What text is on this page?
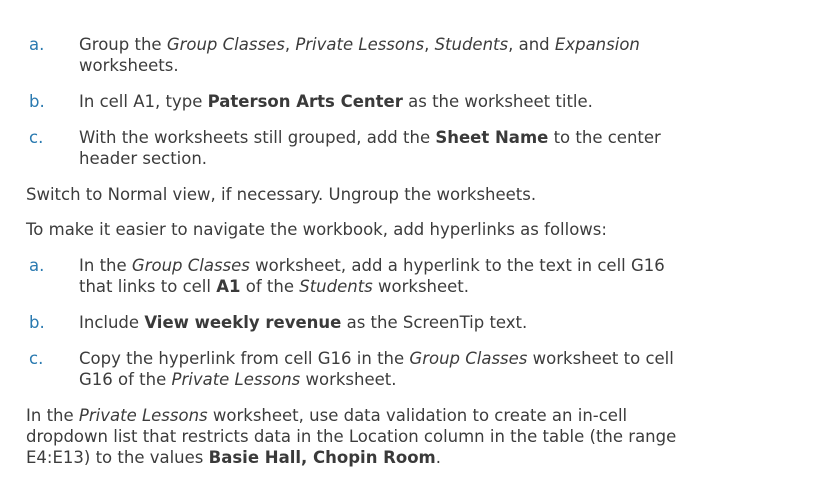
a. Group the Group Classes, Private Lessons, Students, and Expansion
worksheets.
b. In cell A1, type Paterson Arts Center as the worksheet title.
c. With the worksheets still grouped, add the Sheet Name to the center
header section.
Switch to Normal view, if necessary. Ungroup the worksheets.
To make it easier to navigate the workbook, add hyperlinks as follows:
a. In the Group Classes worksheet, add a hyperlink to the text in cell G16
that links to cell A1 of the Students worksheet.
b. Include View weekly revenue as the ScreenTip text.
c. Copy the hyperlink from cell G16 in the Group Classes worksheet to cell
G16 of the Private Lessons worksheet.
In the Private Lessons worksheet, use data validation to create an in-cell
dropdown list that restricts data in the Location column in the table (the range
E4:E13) to the values Basie Hall, Chopin Room.
